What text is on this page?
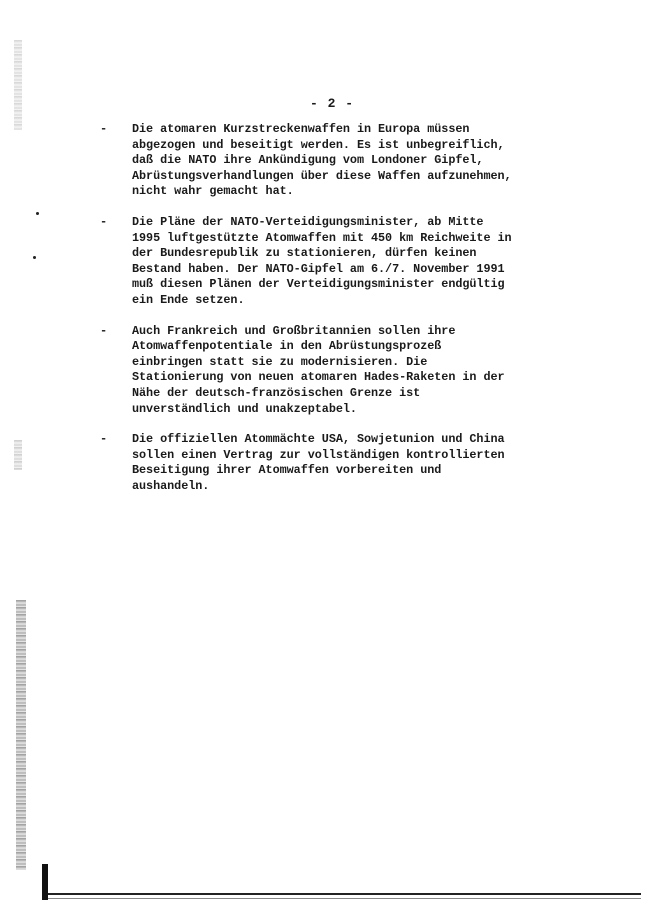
- 2 -
- Die atomaren Kurzstreckenwaffen in Europa müssen
abgezogen und beseitigt werden. Es ist unbegreiflich,
daß die NATO ihre Ankündigung vom Londoner Gipfel,
Abrüstungsverhandlungen über diese Waffen aufzunehmen,
nicht wahr gemacht hat.
- Die Pläne der NATO-Verteidigungsminister, ab Mitte
1995 luftgestützte Atomwaffen mit 450 km Reichweite in
der Bundesrepublik zu stationieren, dürfen keinen
Bestand haben. Der NATO-Gipfel am 6./7. November 1991
muß diesen Plänen der Verteidigungsminister endgültig
ein Ende setzen.
- Auch Frankreich und Großbritannien sollen ihre
Atomwaffenpotentiale in den Abrüstungsprozeß
einbringen statt sie zu modernisieren. Die
Stationierung von neuen atomaren Hades-Raketen in der
Nähe der deutsch-französischen Grenze ist
unverständlich und unakzeptabel.
- Die offiziellen Atommächte USA, Sowjetunion und China
sollen einen Vertrag zur vollständigen kontrollierten
Beseitigung ihrer Atomwaffen vorbereiten und
aushandeln.
